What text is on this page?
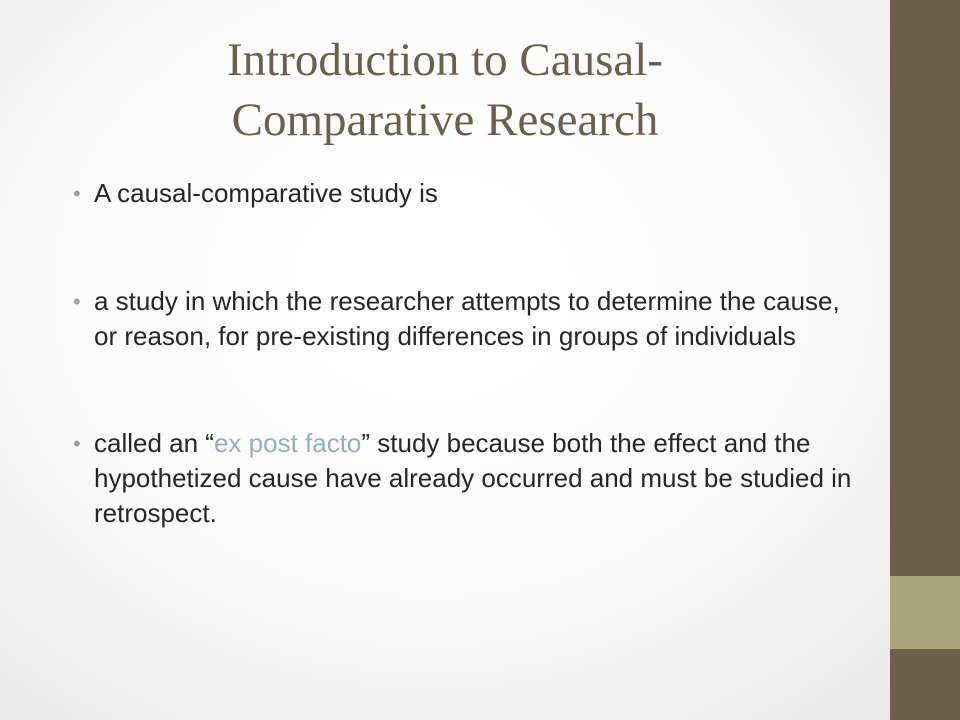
Introduction to Causal-
Comparative Research
• A causal-comparative study is
• a study in which the researcher attempts to determine the cause, or reason, for pre-existing differences in groups of individuals
• called an “ex post facto” study because both the effect and the hypothetized cause have already occurred and must be studied in retrospect.
